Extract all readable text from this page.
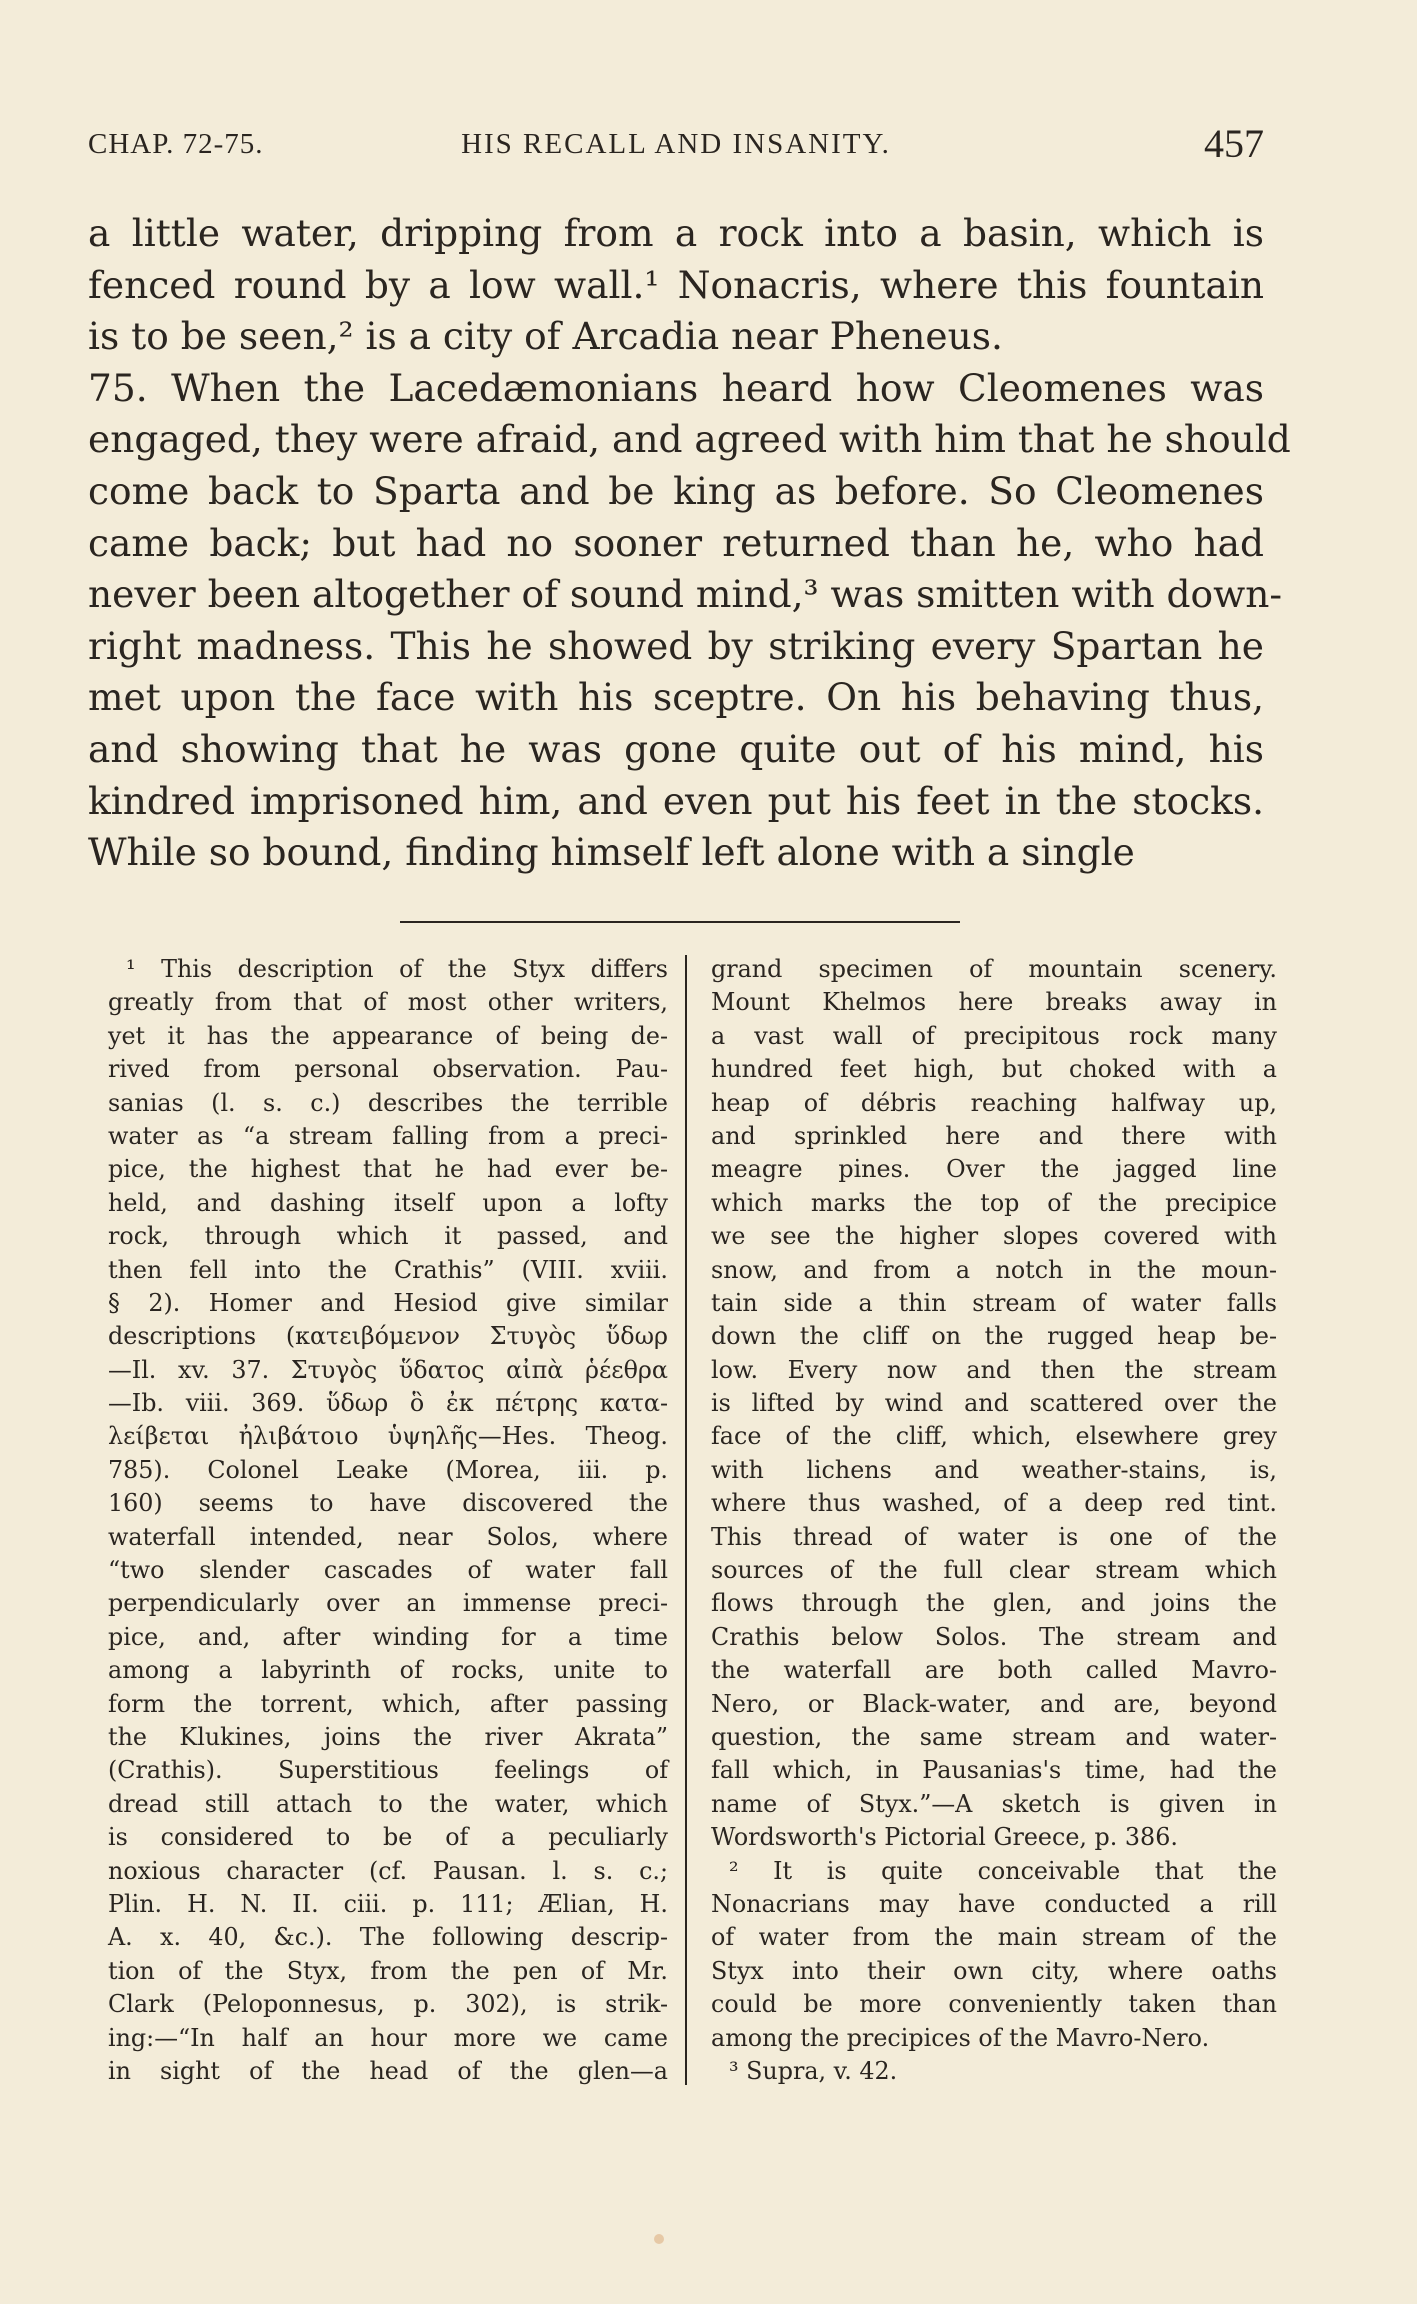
CHAP. 72-75.	HIS RECALL AND INSANITY.	457
a little water, dripping from a rock into a basin, which is
fenced round by a low wall.¹ Nonacris, where this fountain
is to be seen,² is a city of Arcadia near Pheneus.
75. When the Lacedæmonians heard how Cleomenes was
engaged, they were afraid, and agreed with him that he should
come back to Sparta and be king as before. So Cleomenes
came back; but had no sooner returned than he, who had
never been altogether of sound mind,³ was smitten with down-
right madness. This he showed by striking every Spartan he
met upon the face with his sceptre. On his behaving thus,
and showing that he was gone quite out of his mind, his
kindred imprisoned him, and even put his feet in the stocks.
While so bound, finding himself left alone with a single
¹ This description of the Styx differs
greatly from that of most other writers,
yet it has the appearance of being de-
rived from personal observation. Pau-
sanias (l. s. c.) describes the terrible
water as “a stream falling from a preci-
pice, the highest that he had ever be-
held, and dashing itself upon a lofty
rock, through which it passed, and
then fell into the Crathis” (VIII. xviii.
§ 2). Homer and Hesiod give similar
descriptions (κατειβόμενον Στυγὸς ὕδωρ
—Il. xv. 37. Στυγὸς ὕδατος αἰπὰ ῥέεθρα
—Ib. viii. 369. ὕδωρ ὃ ἐκ πέτρης κατα-
λείβεται ἠλιβάτοιο ὑψηλῆς—Hes. Theog.
785). Colonel Leake (Morea, iii. p.
160) seems to have discovered the
waterfall intended, near Solos, where
“two slender cascades of water fall
perpendicularly over an immense preci-
pice, and, after winding for a time
among a labyrinth of rocks, unite to
form the torrent, which, after passing
the Klukines, joins the river Akrata”
(Crathis). Superstitious feelings of
dread still attach to the water, which
is considered to be of a peculiarly
noxious character (cf. Pausan. l. s. c.;
Plin. H. N. II. ciii. p. 111; Ælian, H.
A. x. 40, &c.). The following descrip-
tion of the Styx, from the pen of Mr.
Clark (Peloponnesus, p. 302), is strik-
ing:—“In half an hour more we came
in sight of the head of the glen—a
grand specimen of mountain scenery.
Mount Khelmos here breaks away in
a vast wall of precipitous rock many
hundred feet high, but choked with a
heap of débris reaching halfway up,
and sprinkled here and there with
meagre pines. Over the jagged line
which marks the top of the precipice
we see the higher slopes covered with
snow, and from a notch in the moun-
tain side a thin stream of water falls
down the cliff on the rugged heap be-
low. Every now and then the stream
is lifted by wind and scattered over the
face of the cliff, which, elsewhere grey
with lichens and weather-stains, is,
where thus washed, of a deep red tint.
This thread of water is one of the
sources of the full clear stream which
flows through the glen, and joins the
Crathis below Solos. The stream and
the waterfall are both called Mavro-
Nero, or Black-water, and are, beyond
question, the same stream and water-
fall which, in Pausanias's time, had the
name of Styx.”—A sketch is given in
Wordsworth's Pictorial Greece, p. 386.
² It is quite conceivable that the
Nonacrians may have conducted a rill
of water from the main stream of the
Styx into their own city, where oaths
could be more conveniently taken than
among the precipices of the Mavro-Nero.
³ Supra, v. 42.
